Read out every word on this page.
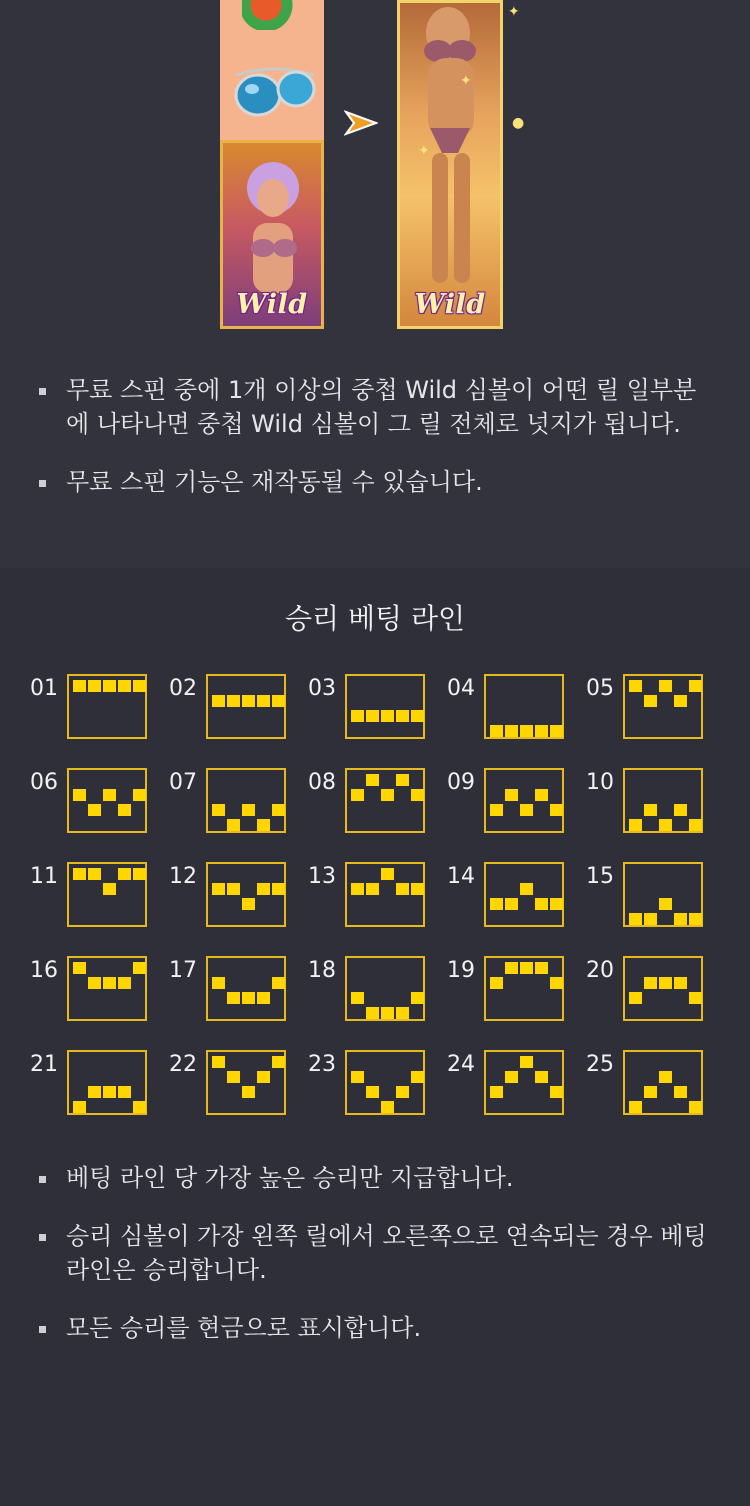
Wild
✦
✦
Wild
✦
●
무료 스핀 중에 1개 이상의 중첩 Wild 심볼이 어떤 릴 일부분에 나타나면 중첩 Wild 심볼이 그 릴 전체로 넛지가 됩니다.
무료 스핀 기능은 재작동될 수 있습니다.
승리 베팅 라인
01	02	03	04	05
06	07	08	09	10
11	12	13	14	15
16	17	18	19	20
21	22	23	24	25
베팅 라인 당 가장 높은 승리만 지급합니다.
승리 심볼이 가장 왼쪽 릴에서 오른쪽으로 연속되는 경우 베팅 라인은 승리합니다.
모든 승리를 현금으로 표시합니다.
